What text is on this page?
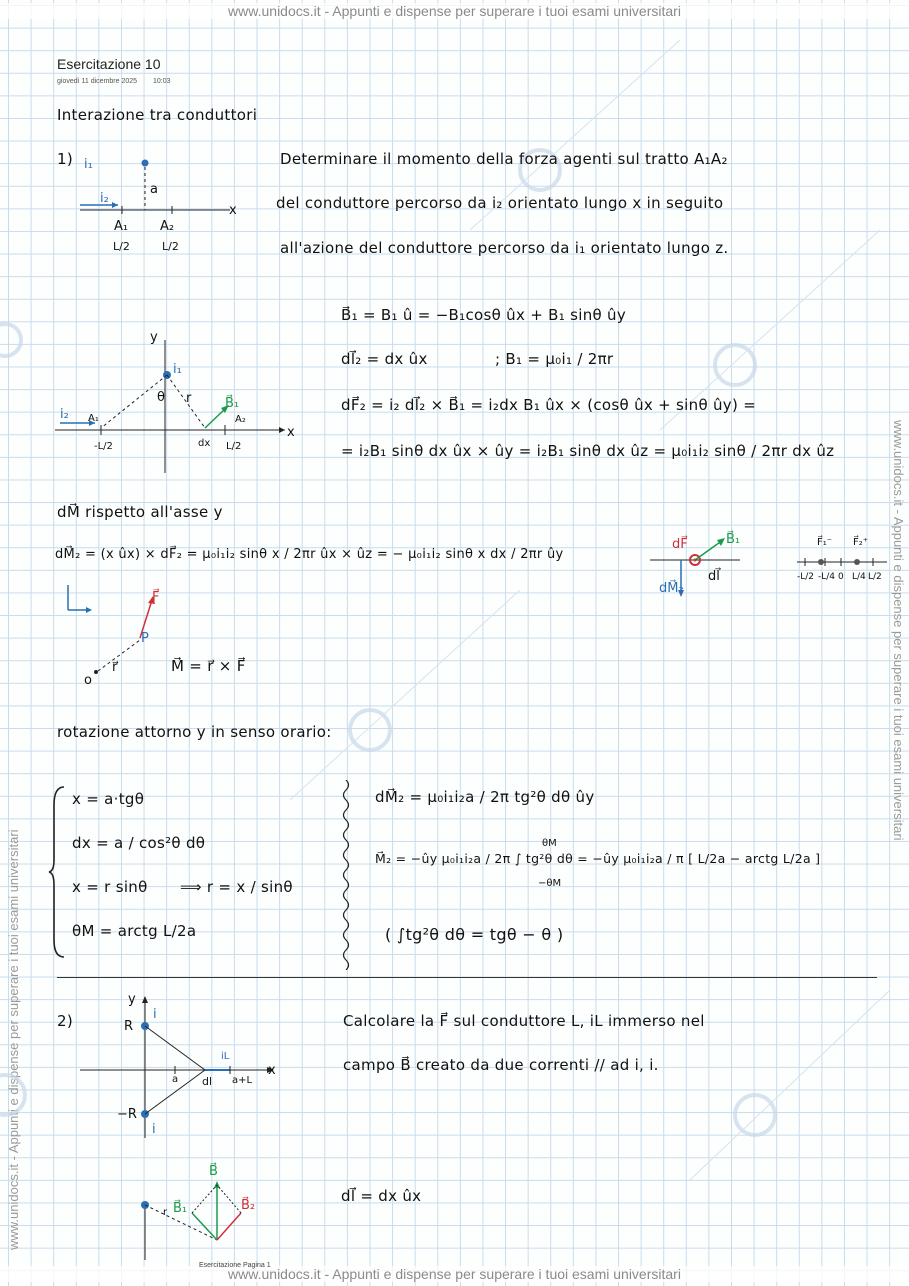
www.unidocs.it - Appunti e dispense per superare i tuoi esami universitari
www.unidocs.it - Appunti e dispense per superare i tuoi esami universitari
www.unidocs.it - Appunti e dispense per superare i tuoi esami universitari
www.unidocs.it - Appunti e dispense per superare i tuoi esami universitari
Esercitazione 10
giovedì 11 dicembre 2025 10:03
Interazione tra conduttori
1)	Determinare il momento della forza agenti sul tratto A₁A₂
del conduttore percorso da i₂ orientato lungo x in seguito
all'azione del conduttore percorso da i₁ orientato lungo z.
i₁
i₂
a
x
A₁ A₂
L/2	L/2
B⃗₁ = B₁ û = −B₁cosθ ûx + B₁ sinθ ûy
dl⃗₂ = dx ûx	; B₁ = μ₀i₁ / 2πr
dF⃗₂ = i₂ dl⃗₂ × B⃗₁ = i₂dx B₁ ûx × (cosθ ûx + sinθ ûy) =
= i₂B₁ sinθ dx ûx × ûy = i₂B₁ sinθ dx ûz = μ₀i₁i₂ sinθ / 2πr dx ûz
y
x
i₁
i₂
r
θ	B⃗₁
A₁	A₂
dx
-L/2	L/2
dM⃗ rispetto all'asse y
dM⃗₂ = (x ûx) × dF⃗₂ = μ₀i₁i₂ sinθ x / 2πr ûx × ûz = − μ₀i₁i₂ sinθ x dx / 2πr ûy
F⃗
P
r⃗
o
M⃗ = r⃗ × F⃗
dF⃗	B⃗₁
dl⃗
dM⃗₂
F⃗₁⁻ F⃗₂⁺
-L/2 -L/4 0 L/4 L/2
rotazione attorno y in senso orario:
x = a·tgθ
dx = a / cos²θ dθ
x = r sinθ ⟹ r = x / sinθ
θM = arctg L/2a
dM⃗₂ = μ₀i₁i₂a / 2π tg²θ dθ ûy
θM
M⃗₂ = −ûy μ₀i₁i₂a / 2π ∫ tg²θ dθ = −ûy μ₀i₁i₂a / π [ L/2a − arctg L/2a ]
−θM
( ∫tg²θ dθ = tgθ − θ )
2)	Calcolare la F⃗ sul conduttore L, iL immerso nel
campo B⃗ creato da due correnti // ad i, i.
y
x
R
−R
i
i
iL
a dl a+L
B⃗
B⃗₁	B⃗₂
r
dl⃗ = dx ûx
Esercitazione Pagina 1
